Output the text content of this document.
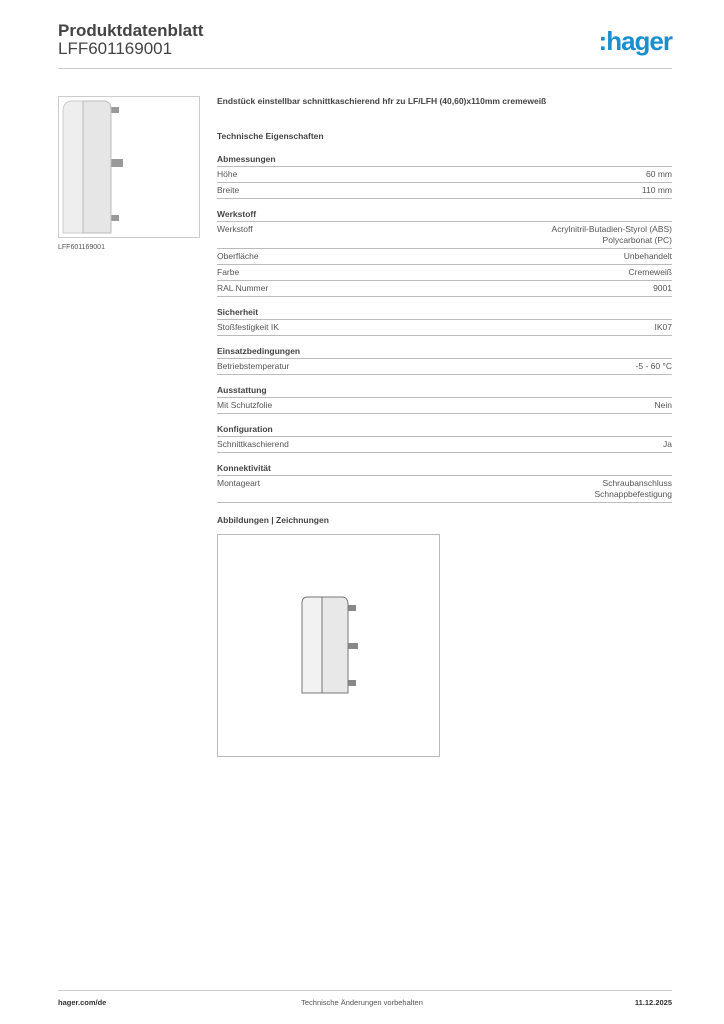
Produktdatenblatt
LFF601169001	:hager
LFF601169001
Endstück einstellbar schnittkaschierend hfr zu LF/LFH (40,60)x110mm cremeweiß
Technische Eigenschaften
Abmessungen
Höhe	60 mm
Breite	110 mm
Werkstoff
Werkstoff	Acrylnitril-Butadien-Styrol (ABS)
Polycarbonat (PC)
Oberfläche	Unbehandelt
Farbe	Cremeweiß
RAL Nummer	9001
Sicherheit
Stoßfestigkeit IK	IK07
Einsatzbedingungen
Betriebstemperatur	-5 - 60 °C
Ausstattung
Mit Schutzfolie	Nein
Konfiguration
Schnittkaschierend	Ja
Konnektivität
Montageart	Schraubanschluss
Schnappbefestigung
Abbildungen | Zeichnungen
hager.com/de	Technische Änderungen vorbehalten	11.12.2025
